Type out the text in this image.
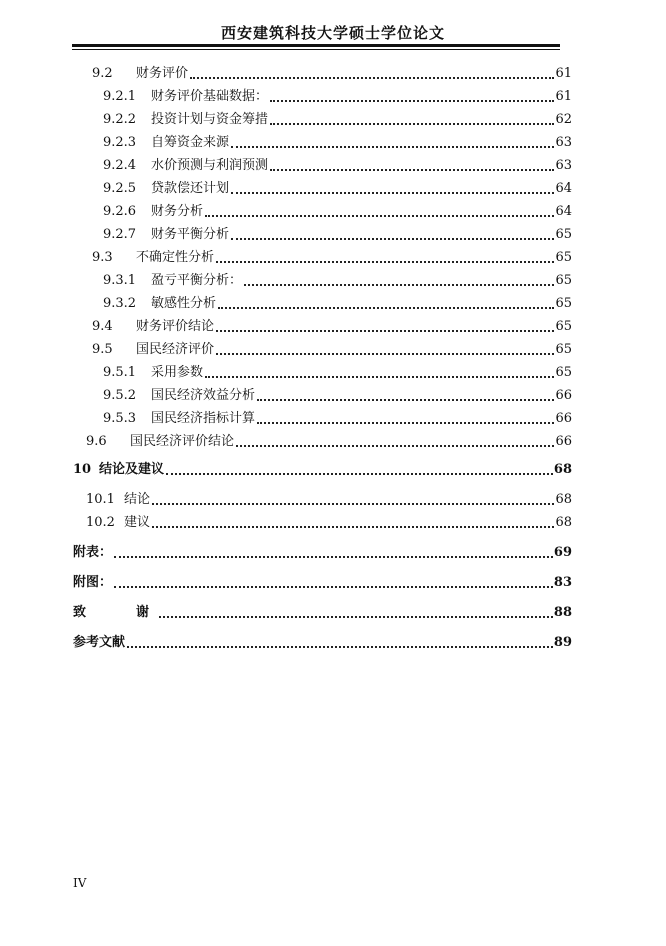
西安建筑科技大学硕士学位论文
9.2	财务评价	61
9.2.1	财务评价基础数据：	61
9.2.2	投资计划与资金筹措	62
9.2.3	自筹资金来源	63
9.2.4	水价预测与利润预测	63
9.2.5	贷款偿还计划	64
9.2.6	财务分析	64
9.2.7	财务平衡分析	65
9.3	不确定性分析	65
9.3.1	盈亏平衡分析：	65
9.3.2	敏感性分析	65
9.4	财务评价结论	65
9.5	国民经济评价	65
9.5.1	采用参数	65
9.5.2	国民经济效益分析	66
9.5.3	国民经济指标计算	66
9.6	国民经济评价结论	66
10 结论及建议	68
10.1 结论	68
10.2 建议	68
附表：	69
附图：	83
致　　谢	88
参考文献	89
IV
